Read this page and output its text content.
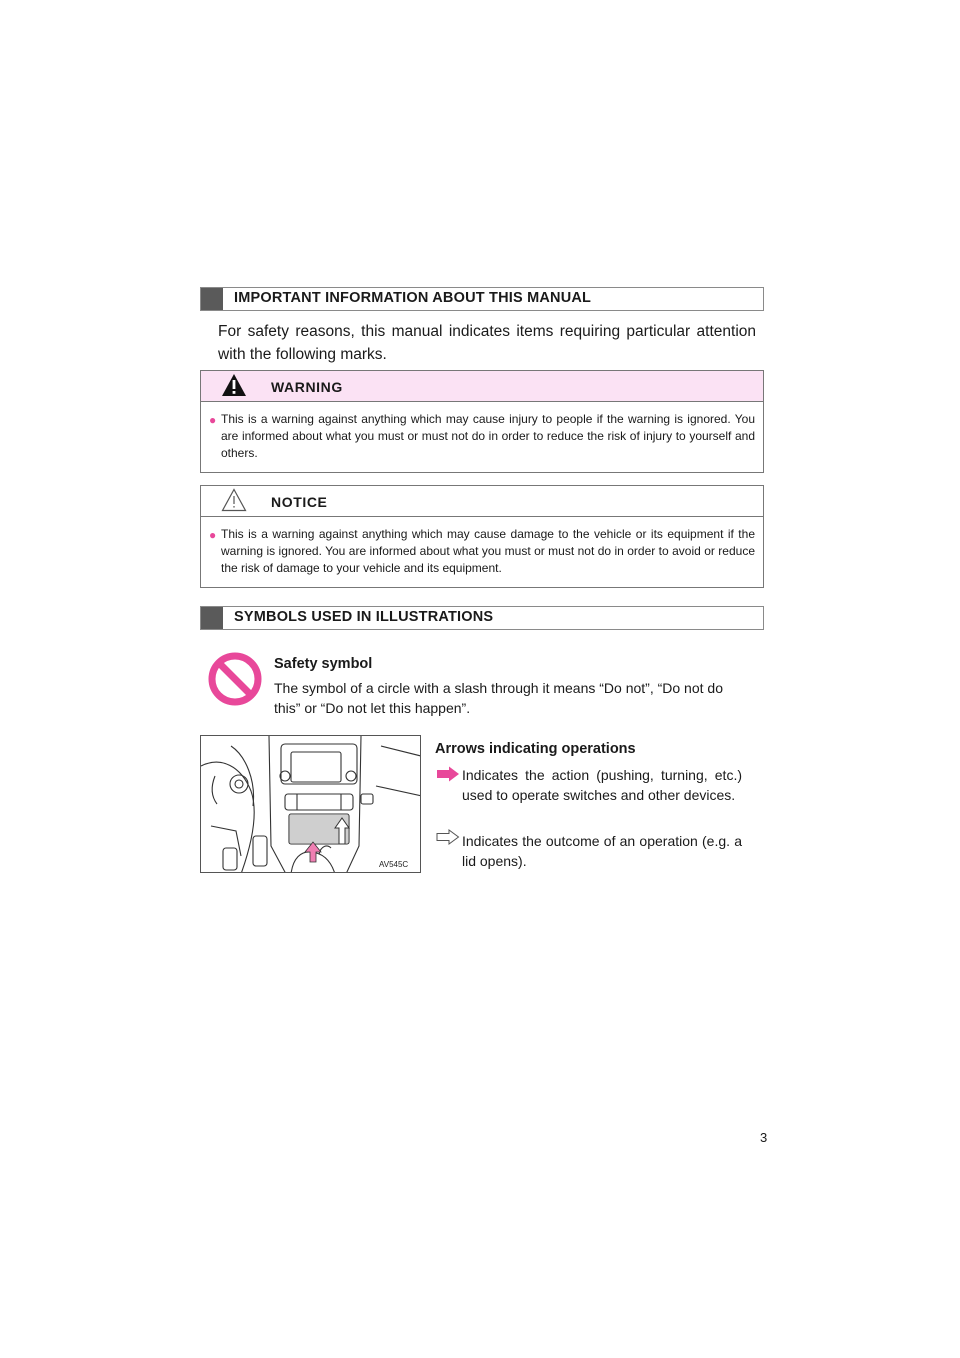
IMPORTANT INFORMATION ABOUT THIS MANUAL
For safety reasons, this manual indicates items requiring particular attention with the following marks.
WARNING
● This is a warning against anything which may cause injury to people if the warning is ignored. You are informed about what you must or must not do in order to reduce the risk of injury to yourself and others.
NOTICE
● This is a warning against anything which may cause damage to the vehicle or its equipment if the warning is ignored. You are informed about what you must or must not do in order to avoid or reduce the risk of damage to your vehicle and its equipment.
SYMBOLS USED IN ILLUSTRATIONS
Safety symbol
The symbol of a circle with a slash through it means “Do not”, “Do not do this” or “Do not let this happen”.
AV545C
Arrows indicating operations
Indicates the action (pushing, turning, etc.) used to operate switches and other devices.
Indicates the outcome of an operation (e.g. a lid opens).
3
